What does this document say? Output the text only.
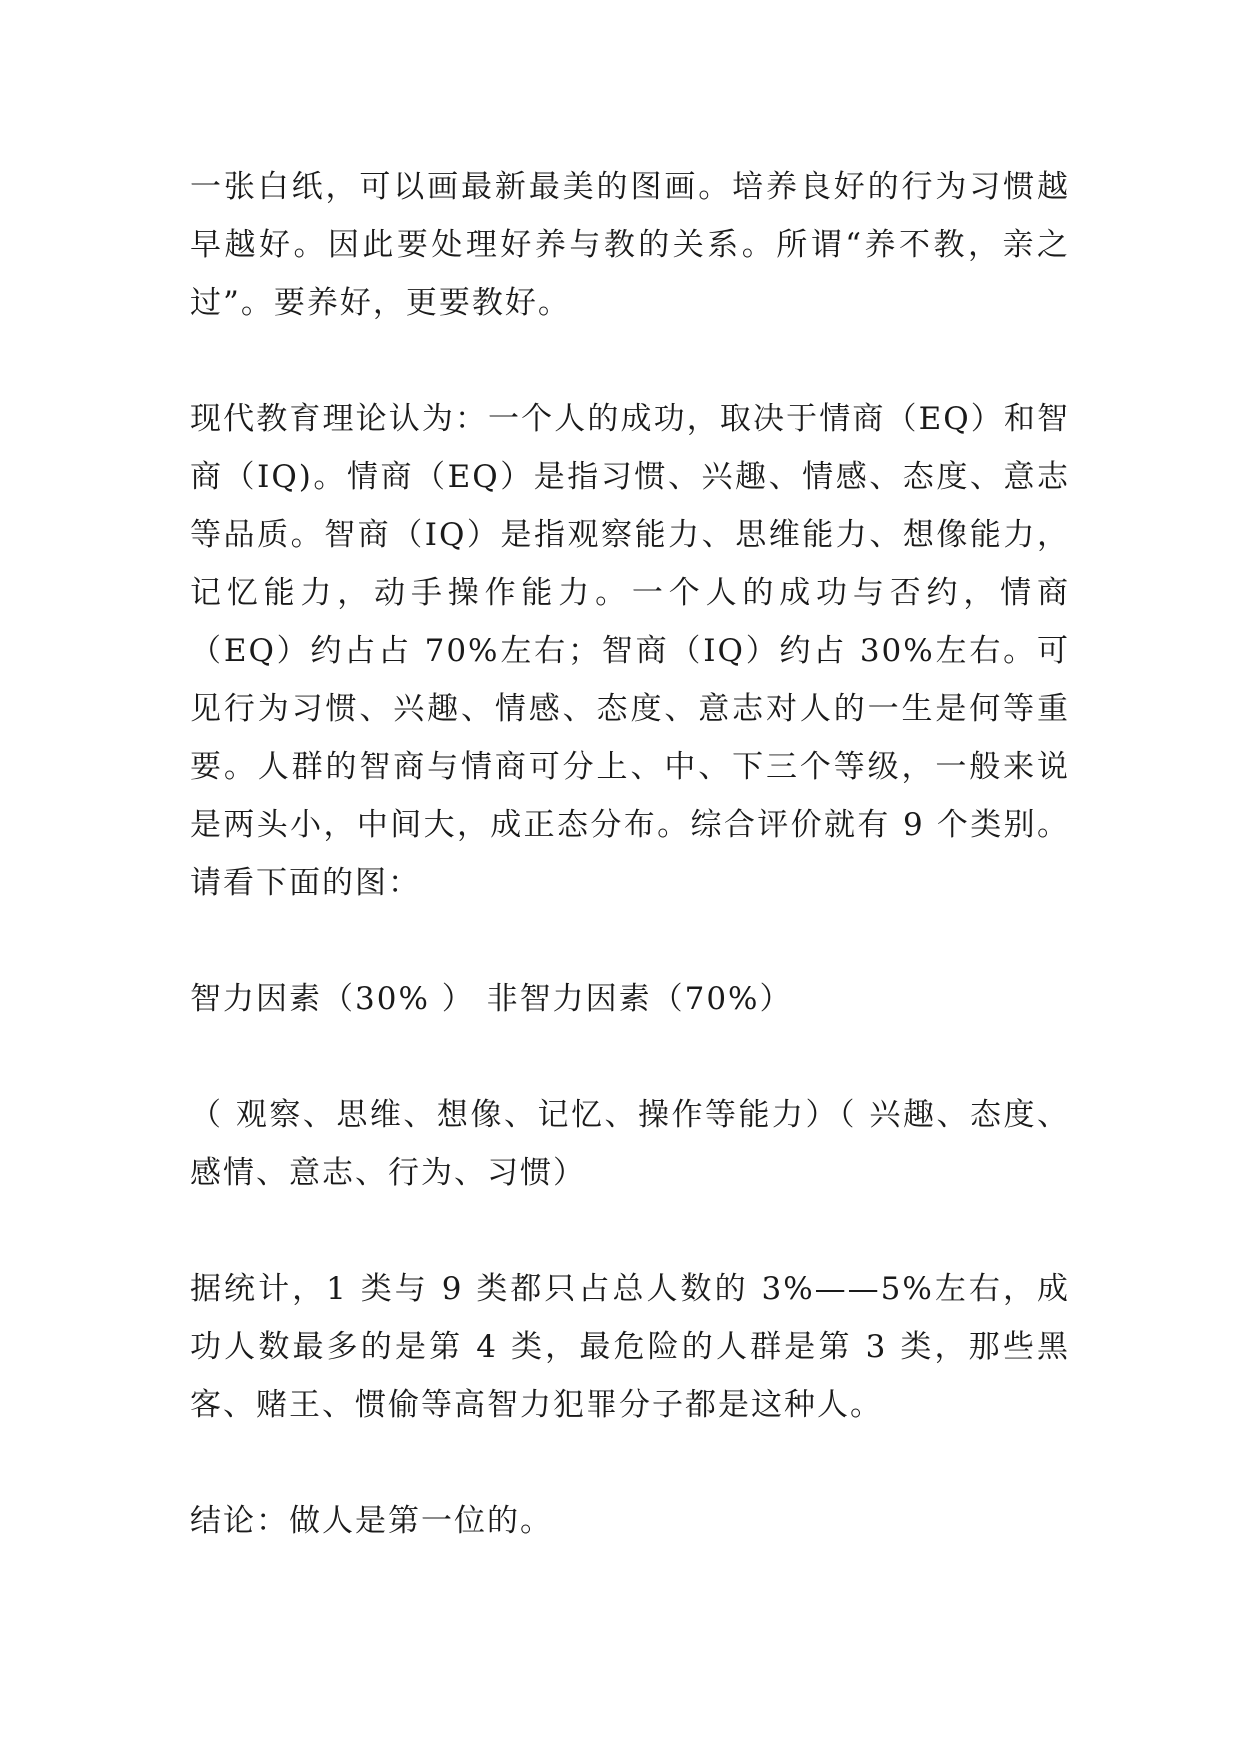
一张白纸，可以画最新最美的图画。培养良好的行为习惯越早越好。因此要处理好养与教的关系。所谓“养不教，亲之过”。要养好，更要教好。

现代教育理论认为：一个人的成功，取决于情商（EQ）和智商（IQ)。情商（EQ）是指习惯、兴趣、情感、态度、意志等品质。智商（IQ）是指观察能力、思维能力、想像能力，记忆能力，动手操作能力。一个人的成功与否约，情商（EQ）约占占 70%左右；智商（IQ）约占 30%左右。可见行为习惯、兴趣、情感、态度、意志对人的一生是何等重要。人群的智商与情商可分上、中、下三个等级，一般来说是两头小，中间大，成正态分布。综合评价就有 9 个类别。请看下面的图：

智力因素（30% ） 非智力因素（70%）

（ 观察、思维、想像、记忆、操作等能力）（ 兴趣、态度、感情、意志、行为、习惯）

据统计，1 类与 9 类都只占总人数的 3%——5%左右，成功人数最多的是第 4 类，最危险的人群是第 3 类，那些黑客、赌王、惯偷等高智力犯罪分子都是这种人。

结论：做人是第一位的。
